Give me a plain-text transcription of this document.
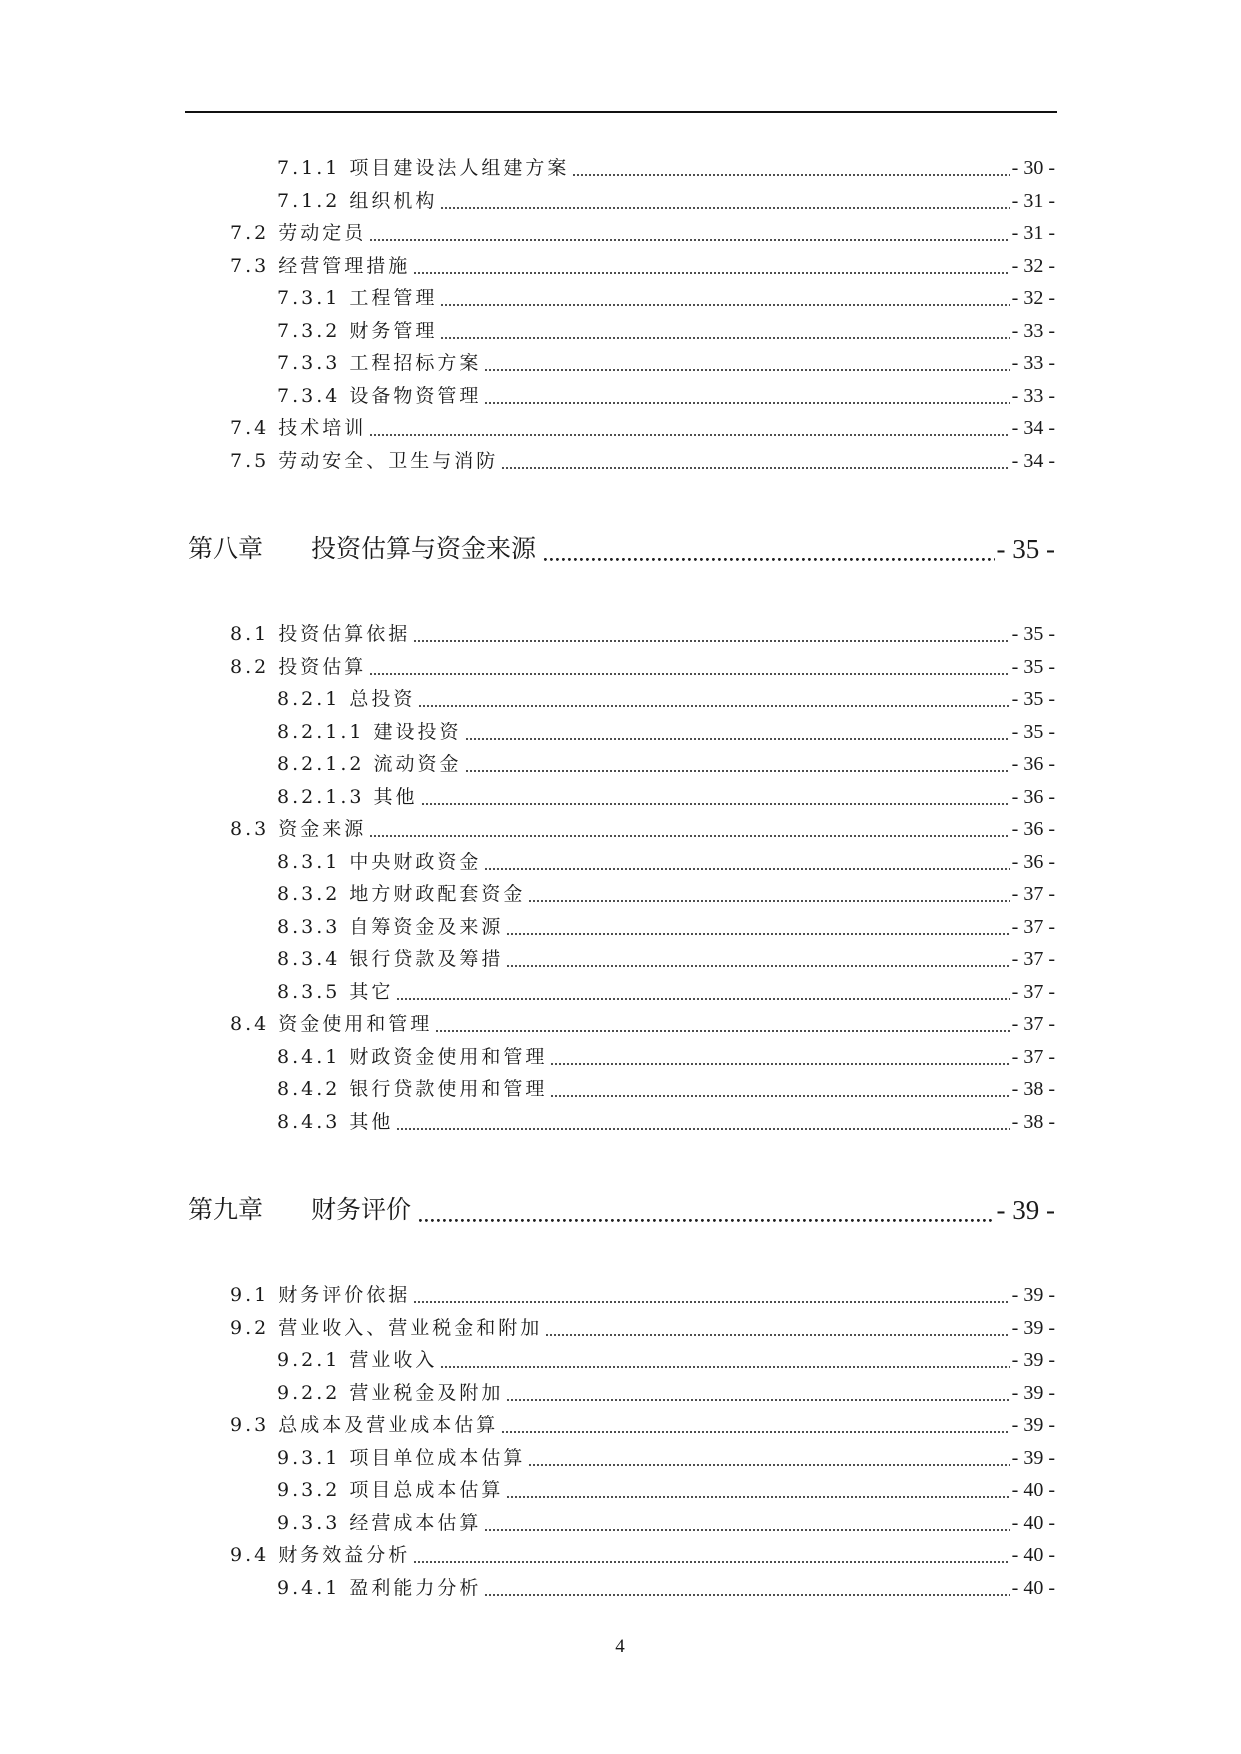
7.1.1 项目建设法人组建方案	- 30 -
7.1.2 组织机构	- 31 -
7.2 劳动定员	- 31 -
7.3 经营管理措施	- 32 -
7.3.1 工程管理	- 32 -
7.3.2 财务管理	- 33 -
7.3.3 工程招标方案	- 33 -
7.3.4 设备物资管理	- 33 -
7.4 技术培训	- 34 -
7.5 劳动安全、卫生与消防	- 34 -
第八章 投资估算与资金来源	- 35 -
8.1 投资估算依据	- 35 -
8.2 投资估算	- 35 -
8.2.1 总投资	- 35 -
8.2.1.1 建设投资	- 35 -
8.2.1.2 流动资金	- 36 -
8.2.1.3 其他	- 36 -
8.3 资金来源	- 36 -
8.3.1 中央财政资金	- 36 -
8.3.2 地方财政配套资金	- 37 -
8.3.3 自筹资金及来源	- 37 -
8.3.4 银行贷款及筹措	- 37 -
8.3.5 其它	- 37 -
8.4 资金使用和管理	- 37 -
8.4.1 财政资金使用和管理	- 37 -
8.4.2 银行贷款使用和管理	- 38 -
8.4.3 其他	- 38 -
第九章 财务评价	- 39 -
9.1 财务评价依据	- 39 -
9.2 营业收入、营业税金和附加	- 39 -
9.2.1 营业收入	- 39 -
9.2.2 营业税金及附加	- 39 -
9.3 总成本及营业成本估算	- 39 -
9.3.1 项目单位成本估算	- 39 -
9.3.2 项目总成本估算	- 40 -
9.3.3 经营成本估算	- 40 -
9.4 财务效益分析	- 40 -
9.4.1 盈利能力分析	- 40 -
4
